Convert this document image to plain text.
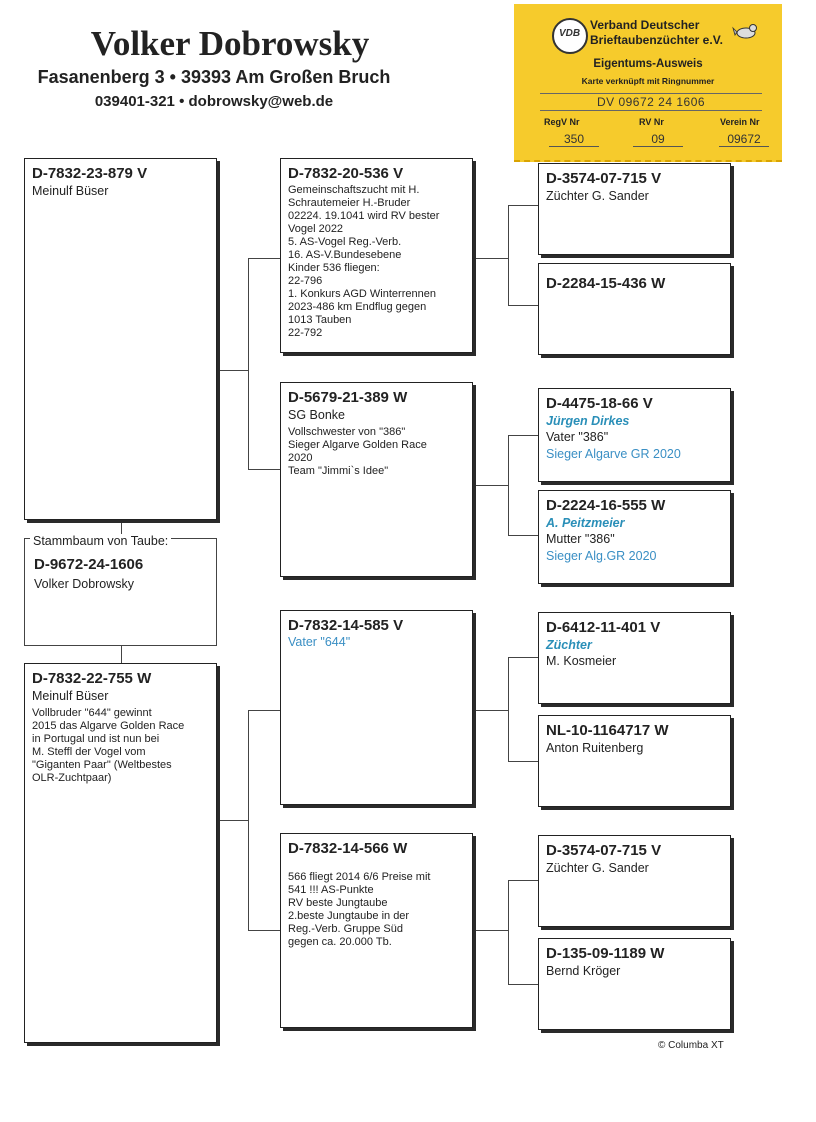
Volker Dobrowsky
Fasanenberg 3 • 39393 Am Großen Bruch
039401-321 • dobrowsky@web.de
VDB
Verband Deutscher
Brieftaubenzüchter e.V.
Eigentums-Ausweis
Karte verknüpft mit Ringnummer
DV 09672 24 1606
RegV Nr	RV Nr	Verein Nr
350	09	09672
Stammbaum von Taube:
D-9672-24-1606
Volker Dobrowsky
D-7832-23-879 V
Meinulf Büser
D-7832-22-755 W
Meinulf Büser
Vollbruder "644" gewinnt
2015 das Algarve Golden Race
in Portugal und ist nun bei
M. Steffl der Vogel vom
"Giganten Paar" (Weltbestes
OLR-Zuchtpaar)
D-7832-20-536 V
Gemeinschaftszucht mit H.
Schrautemeier H.-Bruder
02224. 19.1041 wird RV bester
Vogel 2022
5. AS-Vogel Reg.-Verb.
16. AS-V.Bundesebene
Kinder 536 fliegen:
22-796
1. Konkurs AGD Winterrennen
2023-486 km Endflug gegen
1013 Tauben
22-792
D-5679-21-389 W
SG Bonke
Vollschwester von "386"
Sieger Algarve Golden Race
2020
Team "Jimmi`s Idee"
D-7832-14-585 V
Vater "644"
D-7832-14-566 W
566 fliegt 2014 6/6 Preise mit
541 !!! AS-Punkte
RV beste Jungtaube
2.beste Jungtaube in der
Reg.-Verb. Gruppe Süd
gegen ca. 20.000 Tb.
D-3574-07-715 V
Züchter G. Sander
D-2284-15-436 W
D-4475-18-66 V
Jürgen Dirkes
Vater "386"
Sieger Algarve GR 2020
D-2224-16-555 W
A. Peitzmeier
Mutter "386"
Sieger Alg.GR 2020
D-6412-11-401 V
Züchter
M. Kosmeier
NL-10-1164717 W
Anton Ruitenberg
D-3574-07-715 V
Züchter G. Sander
D-135-09-1189 W
Bernd Kröger
© Columba XT
